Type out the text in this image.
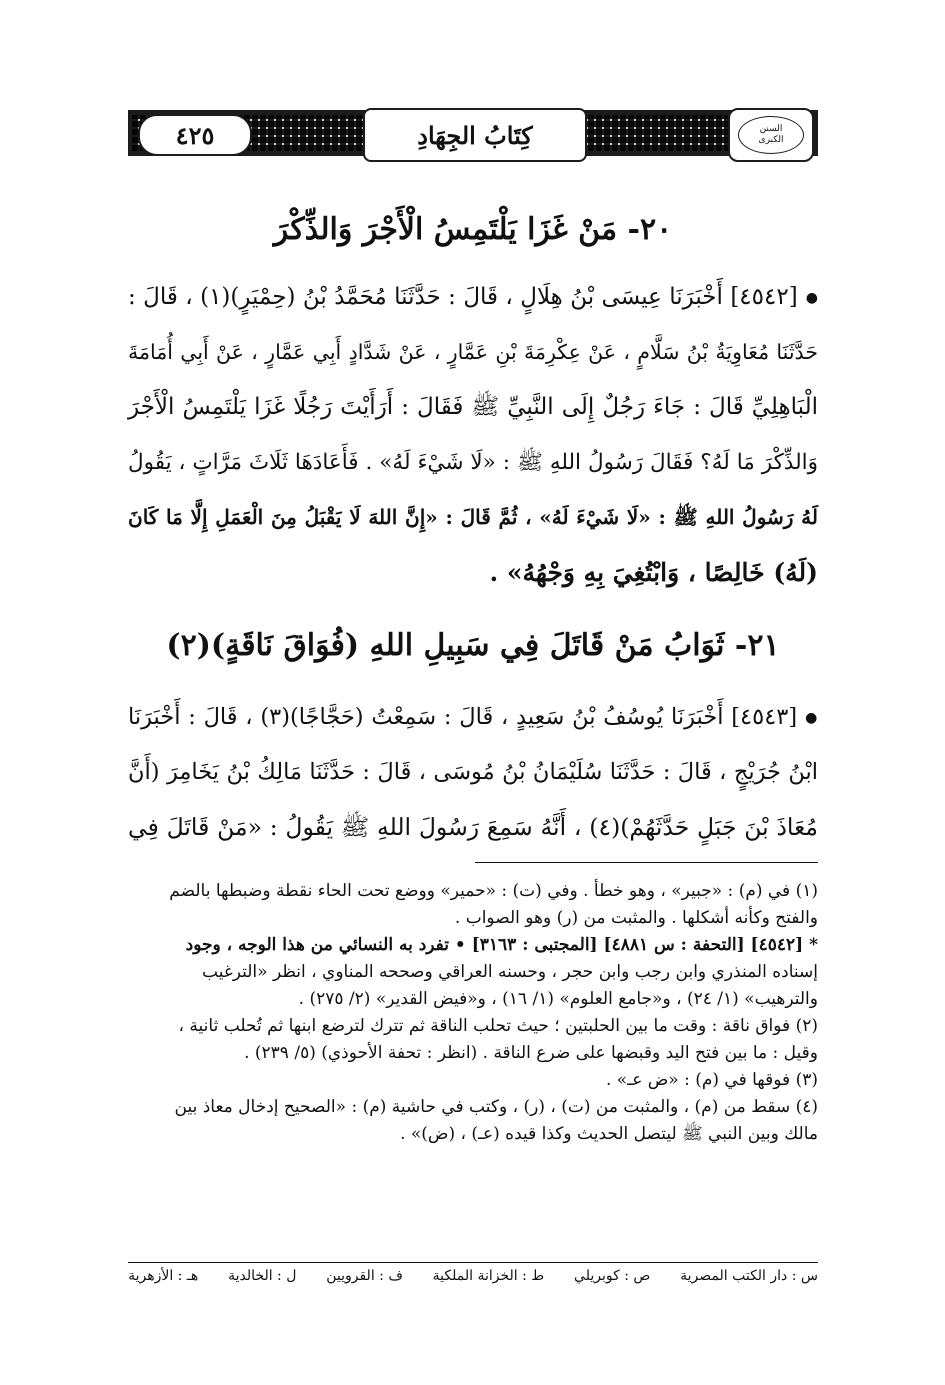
٤٢٥	كِتَابُ الجِهَادِ	السنن
الكبرى
٢٠- مَنْ غَزَا يَلْتَمِسُ الْأَجْرَ وَالذِّكْرَ
●[٤٥٤٢] أَخْبَرَنَا عِيسَى بْنُ هِلَالٍ ، قَالَ : حَدَّثَنَا مُحَمَّدُ بْنُ (حِمْيَرٍ)(١) ، قَالَ :
حَدَّثَنَا مُعَاوِيَةُ بْنُ سَلَّامٍ ، عَنْ عِكْرِمَةَ بْنِ عَمَّارٍ ، عَنْ شَدَّادٍ أَبِي عَمَّارٍ ، عَنْ أَبِي أُمَامَةَ
الْبَاهِلِيِّ قَالَ : جَاءَ رَجُلٌ إِلَى النَّبِيِّ ﷺ فَقَالَ : أَرَأَيْتَ رَجُلًا غَزَا يَلْتَمِسُ الْأَجْرَ
وَالذِّكْرَ مَا لَهُ؟ فَقَالَ رَسُولُ اللهِ ﷺ : «لَا شَيْءَ لَهُ» . فَأَعَادَهَا ثَلَاثَ مَرَّاتٍ ، يَقُولُ
لَهُ رَسُولُ اللهِ ﷺ : «لَا شَيْءَ لَهُ» ، ثُمَّ قَالَ : «إِنَّ اللهَ لَا يَقْبَلُ مِنَ الْعَمَلِ إِلَّا مَا كَانَ
(لَهُ) خَالِصًا ، وَابْتُغِيَ بِهِ وَجْهُهُ» .
٢١- ثَوَابُ مَنْ قَاتَلَ فِي سَبِيلِ اللهِ (فُوَاقَ نَاقَةٍ)(٢)
●[٤٥٤٣] أَخْبَرَنَا يُوسُفُ بْنُ سَعِيدٍ ، قَالَ : سَمِعْتُ (حَجَّاجًا)(٣) ، قَالَ : أَخْبَرَنَا
ابْنُ جُرَيْجٍ ، قَالَ : حَدَّثَنَا سُلَيْمَانُ بْنُ مُوسَى ، قَالَ : حَدَّثَنَا مَالِكُ بْنُ يَخَامِرَ (أَنَّ
مُعَاذَ بْنَ جَبَلٍ حَدَّثَهُمْ)(٤) ، أَنَّهُ سَمِعَ رَسُولَ اللهِ ﷺ يَقُولُ : «مَنْ قَاتَلَ فِي
(١) في (م) : «جبير» ، وهو خطأ . وفي (ت) : «حمير» ووضع تحت الحاء نقطة وضبطها بالضم
والفتح وكأنه أشكلها . والمثبت من (ر) وهو الصواب .
* [٤٥٤٢] [التحفة : س ٤٨٨١] [المجتبى : ٣١٦٣] • تفرد به النسائي من هذا الوجه ، وجود
إسناده المنذري وابن رجب وابن حجر ، وحسنه العراقي وصححه المناوي ، انظر «الترغيب
والترهيب» (١/ ٢٤) ، و«جامع العلوم» (١/ ١٦) ، و«فيض القدير» (٢/ ٢٧٥) .
(٢) فواق ناقة : وقت ما بين الحلبتين ؛ حيث تحلب الناقة ثم تترك لترضع ابنها ثم تُحلب ثانية ،
وقيل : ما بين فتح اليد وقبضها على ضرع الناقة . (انظر : تحفة الأحوذي) (٥/ ٢٣٩) .
(٣) فوقها في (م) : «ض عـ» .
(٤) سقط من (م) ، والمثبت من (ت) ، (ر) ، وكتب في حاشية (م) : «الصحيح إدخال معاذ بين
مالك وبين النبي ﷺ ليتصل الحديث وكذا قيده (عـ) ، (ض)» .
س : دار الكتب المصرية
ص : كوبريلي
ط : الخزانة الملكية
ف : القرويين
ل : الخالدية
هـ : الأزهرية
